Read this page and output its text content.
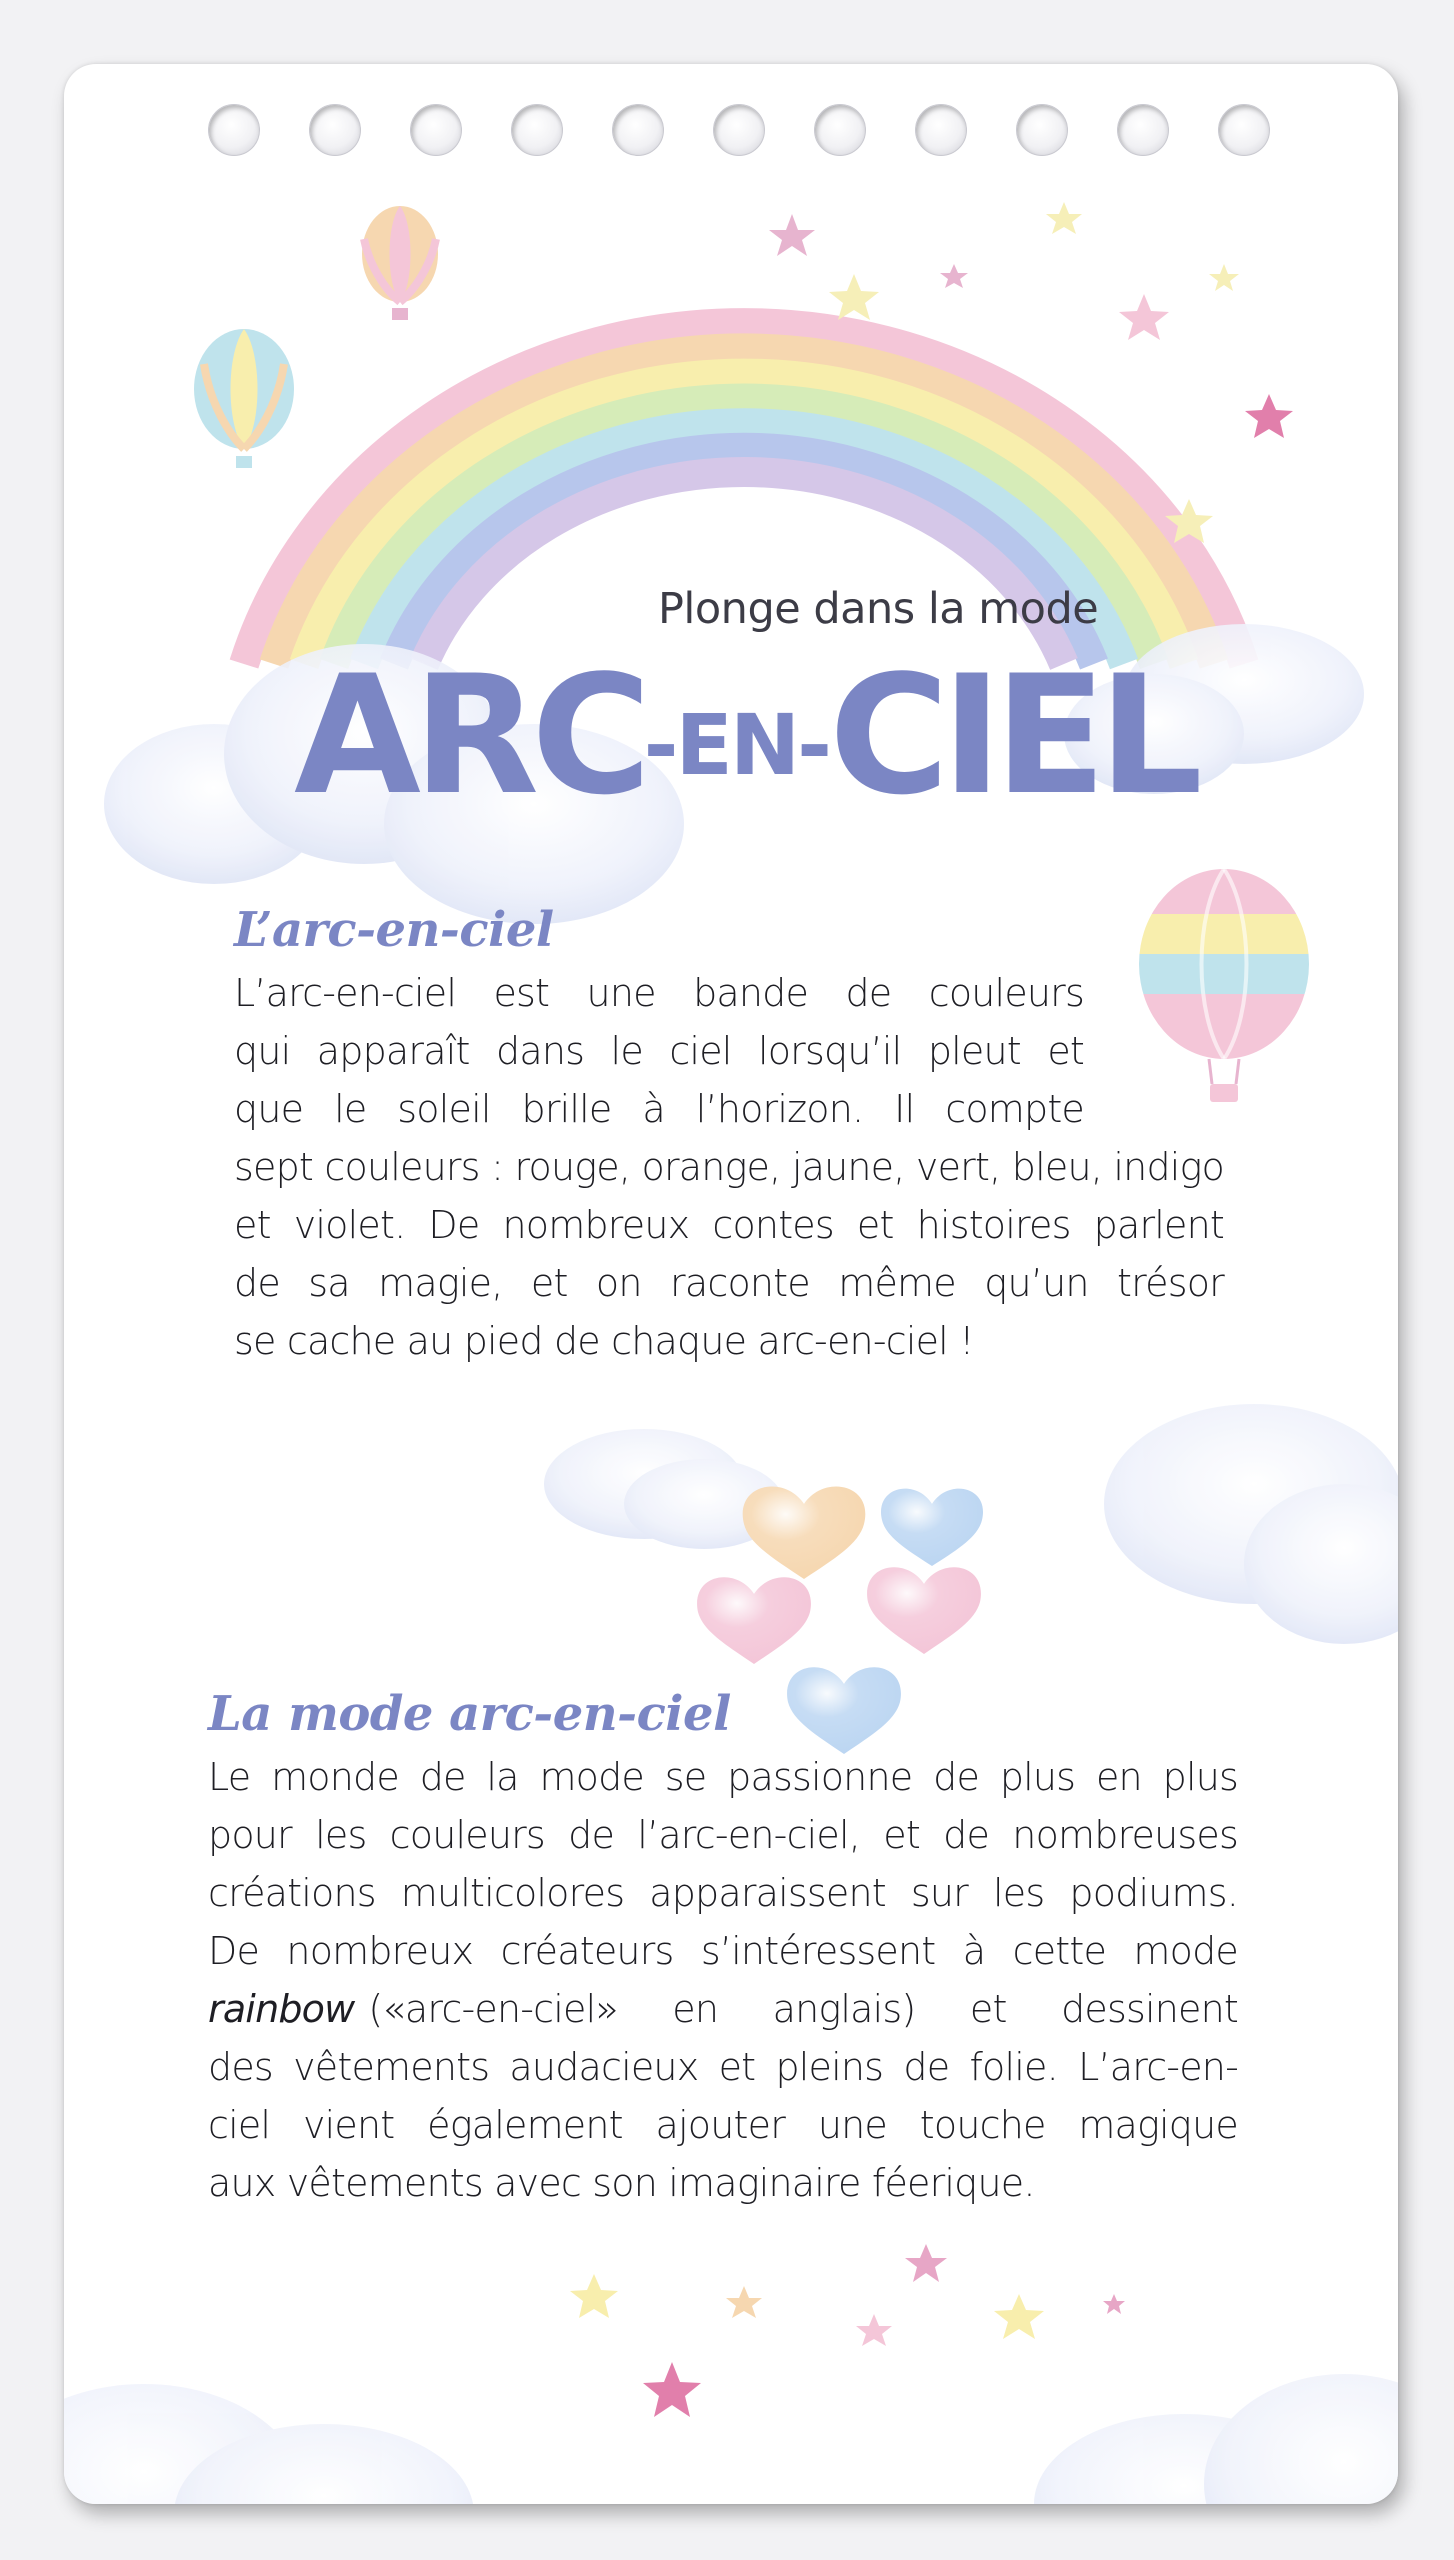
Plonge dans la mode
ARC-EN-CIEL
L’arc-en-ciel
L’arc-en-ciel est une bande de couleurs
qui apparaît dans le ciel lorsqu’il pleut et
que le soleil brille à l’horizon. Il compte
sept couleurs : rouge, orange, jaune, vert, bleu, indigo
et violet. De nombreux contes et histoires parlent
de sa magie, et on raconte même qu’un trésor
se cache au pied de chaque arc-en-ciel !
La mode arc-en-ciel
Le monde de la mode se passionne de plus en plus
pour les couleurs de l’arc-en-ciel, et de nombreuses
créations multicolores apparaissent sur les podiums.
De nombreux créateurs s’intéressent à cette mode
rainbow («arc-en-ciel» en anglais) et dessinent
des vêtements audacieux et pleins de folie. L’arc-en-
ciel vient également ajouter une touche magique
aux vêtements avec son imaginaire féerique.
